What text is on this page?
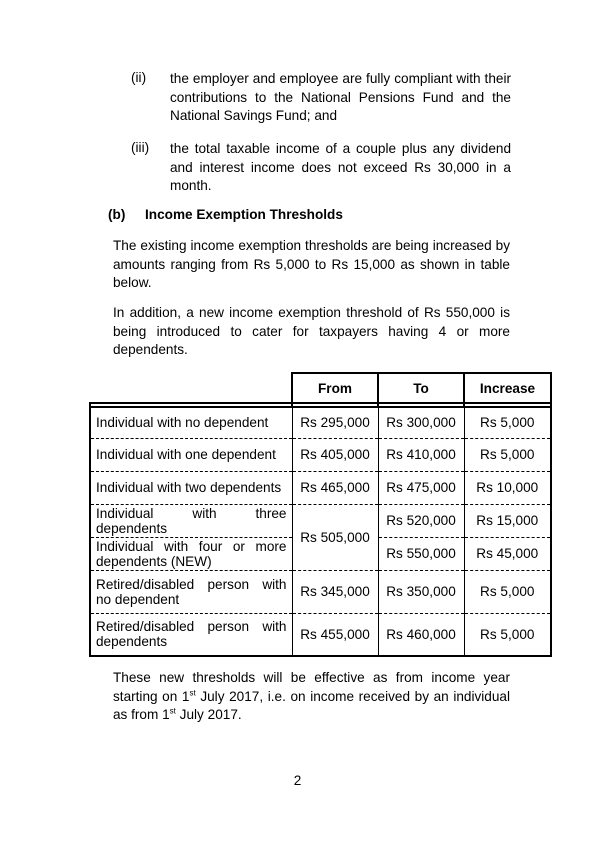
(ii)	the employer and employee are fully compliant with their contributions to the National Pensions Fund and the National Savings Fund; and
(iii)	the total taxable income of a couple plus any dividend and interest income does not exceed Rs 30,000 in a month.
(b) Income Exemption Thresholds

The existing income exemption thresholds are being increased by amounts ranging from Rs 5,000 to Rs 15,000 as shown in table below.

In addition, a new income exemption threshold of Rs 550,000 is being introduced to cater for taxpayers having 4 or more dependents.

	From	To	Increase

Individual with no dependent	Rs 295,000	Rs 300,000	Rs 5,000
Individual with one dependent	Rs 405,000	Rs 410,000	Rs 5,000
Individual with two dependents	Rs 465,000	Rs 475,000	Rs 10,000

Individual with three
dependents	Rs 505,000	Rs 520,000	Rs 15,000

Individual with four or more
dependents (NEW)		Rs 550,000	Rs 45,000

Retired/disabled person with
no dependent	Rs 345,000	Rs 350,000	Rs 5,000

Retired/disabled person with
dependents	Rs 455,000	Rs 460,000	Rs 5,000

These new thresholds will be effective as from income year starting on 1st July 2017, i.e. on income received by an individual as from 1st July 2017.

2
